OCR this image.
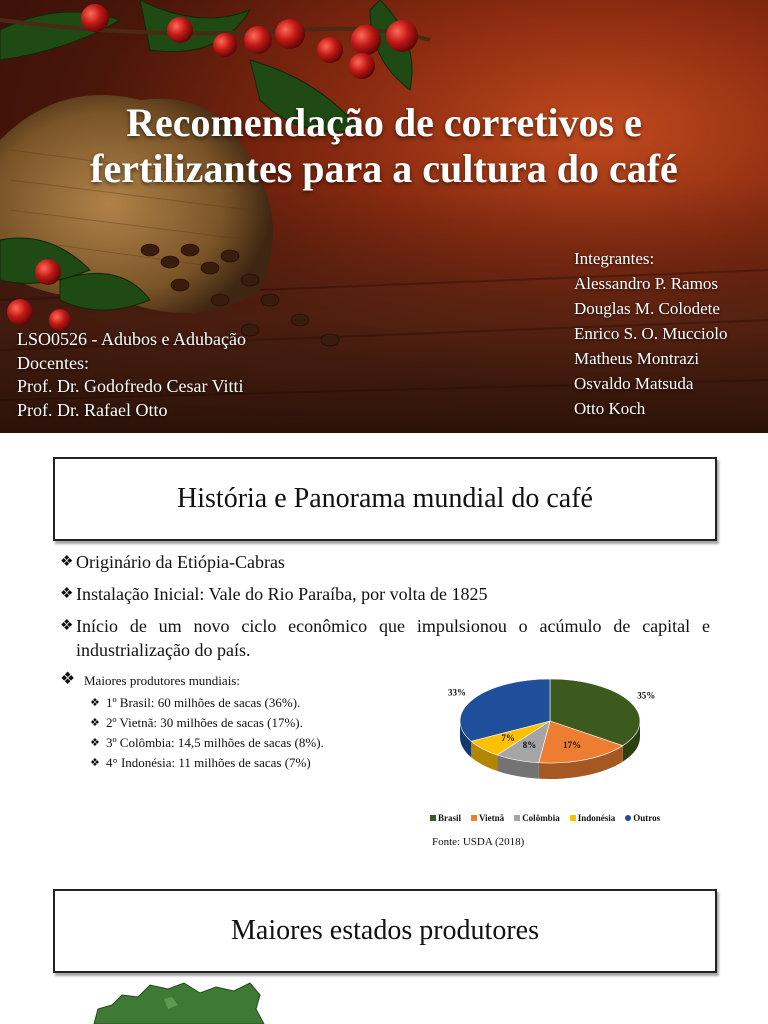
Recomendação de corretivos e
fertilizantes para a cultura do café
LSO0526 - Adubos e Adubação
Docentes:
Prof. Dr. Godofredo Cesar Vitti
Prof. Dr. Rafael Otto
Integrantes:
Alessandro P. Ramos
Douglas M. Colodete
Enrico S. O. Mucciolo
Matheus Montrazi
Osvaldo Matsuda
Otto Koch
História e Panorama mundial do café
❖ Originário da Etiópia-Cabras
❖ Instalação Inicial: Vale do Rio Paraíba, por volta de 1825
❖ Início de um novo ciclo econômico que impulsionou o acúmulo de capital e industrialização do país.
❖ Maiores produtores mundiais:
❖ 1º Brasil: 60 milhões de sacas (36%).
❖ 2º Vietnã: 30 milhões de sacas (17%).
❖ 3º Colômbia: 14,5 milhões de sacas (8%).
❖ 4° Indonésia: 11 milhões de sacas (7%)
35%
17%
8%
7%
33%
Brasil Vietnã Colômbia Indonésia Outros
Fonte: USDA (2018)
Maiores estados produtores
